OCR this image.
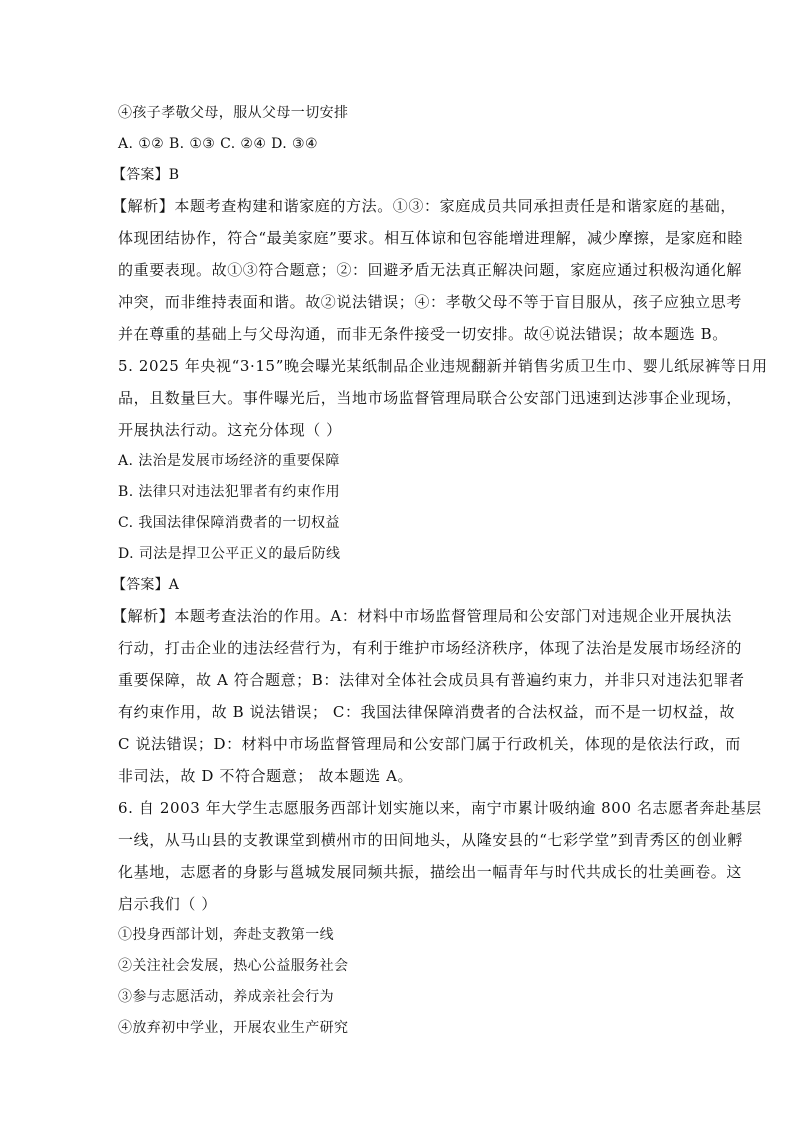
④孩子孝敬父母，服从父母一切安排
A. ①② B. ①③ C. ②④ D. ③④
【答案】B
【解析】本题考查构建和谐家庭的方法。①③：家庭成员共同承担责任是和谐家庭的基础，
体现团结协作，符合“最美家庭”要求。相互体谅和包容能增进理解，减少摩擦，是家庭和睦
的重要表现。故①③符合题意；②：回避矛盾无法真正解决问题，家庭应通过积极沟通化解
冲突，而非维持表面和谐。故②说法错误；④：孝敬父母不等于盲目服从，孩子应独立思考
并在尊重的基础上与父母沟通，而非无条件接受一切安排。故④说法错误；故本题选 B。
5. 2025 年央视“3·15”晚会曝光某纸制品企业违规翻新并销售劣质卫生巾、婴儿纸尿裤等日用
品，且数量巨大。事件曝光后，当地市场监督管理局联合公安部门迅速到达涉事企业现场，
开展执法行动。这充分体现（ ）
A. 法治是发展市场经济的重要保障
B. 法律只对违法犯罪者有约束作用
C. 我国法律保障消费者的一切权益
D. 司法是捍卫公平正义的最后防线
【答案】A
【解析】本题考查法治的作用。A：材料中市场监督管理局和公安部门对违规企业开展执法
行动，打击企业的违法经营行为，有利于维护市场经济秩序，体现了法治是发展市场经济的
重要保障，故 A 符合题意；B：法律对全体社会成员具有普遍约束力，并非只对违法犯罪者
有约束作用，故 B 说法错误； C：我国法律保障消费者的合法权益，而不是一切权益，故
C 说法错误；D：材料中市场监督管理局和公安部门属于行政机关，体现的是依法行政，而
非司法，故 D 不符合题意； 故本题选 A。
6. 自 2003 年大学生志愿服务西部计划实施以来，南宁市累计吸纳逾 800 名志愿者奔赴基层
一线，从马山县的支教课堂到横州市的田间地头，从隆安县的“七彩学堂”到青秀区的创业孵
化基地，志愿者的身影与邕城发展同频共振，描绘出一幅青年与时代共成长的壮美画卷。这
启示我们（ ）
①投身西部计划，奔赴支教第一线
②关注社会发展，热心公益服务社会
③参与志愿活动，养成亲社会行为
④放弃初中学业，开展农业生产研究
